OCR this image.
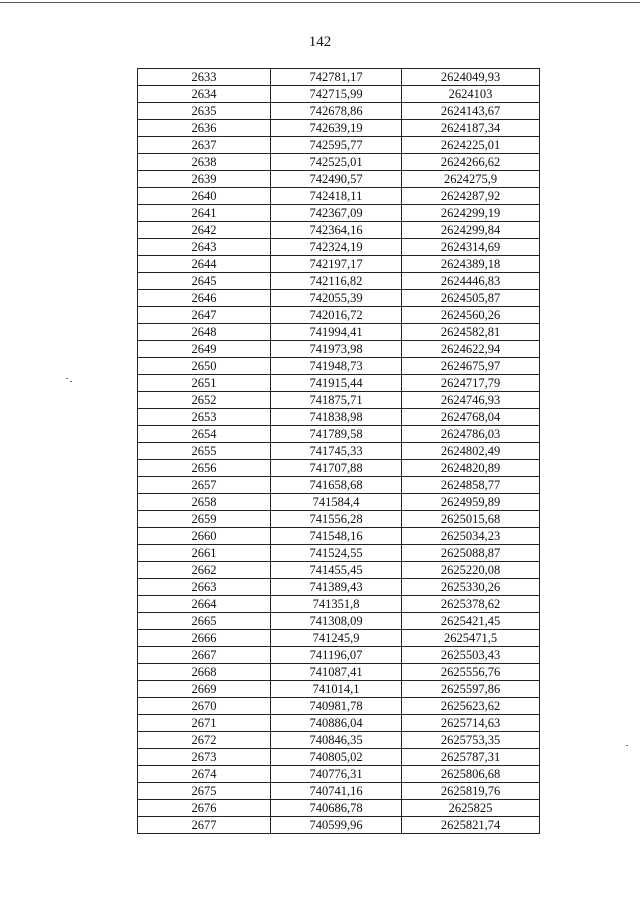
142
2633	742781,17	2624049,93
2634	742715,99	2624103
2635	742678,86	2624143,67
2636	742639,19	2624187,34
2637	742595,77	2624225,01
2638	742525,01	2624266,62
2639	742490,57	2624275,9
2640	742418,11	2624287,92
2641	742367,09	2624299,19
2642	742364,16	2624299,84
2643	742324,19	2624314,69
2644	742197,17	2624389,18
2645	742116,82	2624446,83
2646	742055,39	2624505,87
2647	742016,72	2624560,26
2648	741994,41	2624582,81
2649	741973,98	2624622,94
2650	741948,73	2624675,97
2651	741915,44	2624717,79
2652	741875,71	2624746,93
2653	741838,98	2624768,04
2654	741789,58	2624786,03
2655	741745,33	2624802,49
2656	741707,88	2624820,89
2657	741658,68	2624858,77
2658	741584,4	2624959,89
2659	741556,28	2625015,68
2660	741548,16	2625034,23
2661	741524,55	2625088,87
2662	741455,45	2625220,08
2663	741389,43	2625330,26
2664	741351,8	2625378,62
2665	741308,09	2625421,45
2666	741245,9	2625471,5
2667	741196,07	2625503,43
2668	741087,41	2625556,76
2669	741014,1	2625597,86
2670	740981,78	2625623,62
2671	740886,04	2625714,63
2672	740846,35	2625753,35
2673	740805,02	2625787,31
2674	740776,31	2625806,68
2675	740741,16	2625819,76
2676	740686,78	2625825
2677	740599,96	2625821,74
